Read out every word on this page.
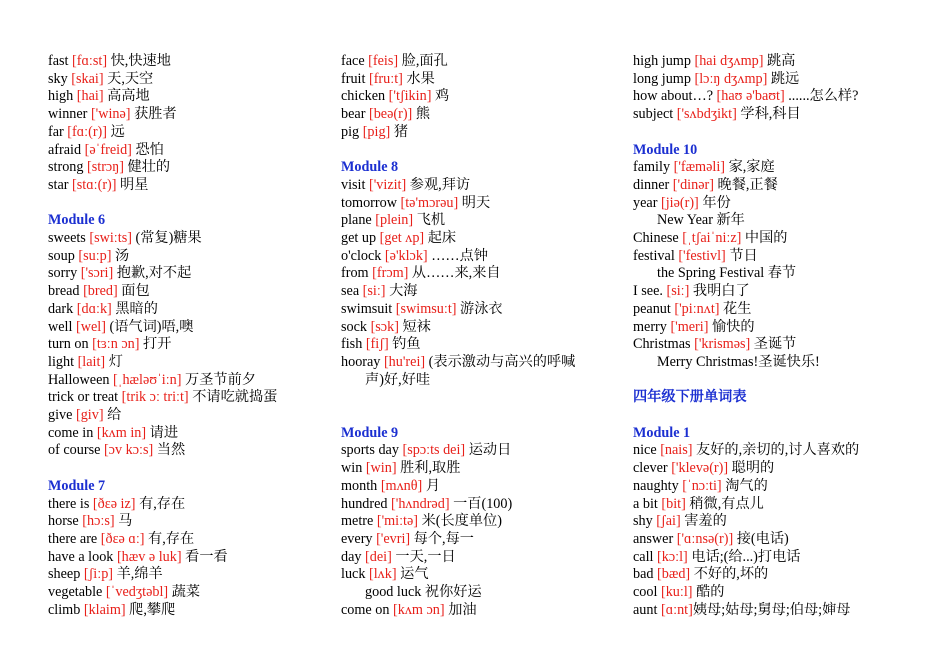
fast [fɑːst] 快,快速地
sky [skai] 天,天空
high [hai] 高高地
winner ['winə] 获胜者
far [fɑː(r)] 远
afraid [əˈfreid] 恐怕
strong [strɔŋ] 健壮的
star [stɑː(r)] 明星
Module 6
sweets [swiːts] (常复)糖果
soup [suːp] 汤
sorry ['sɔri] 抱歉,对不起
bread [bred] 面包
dark [dɑːk] 黑暗的
well [wel] (语气词)唔,噢
turn on [tɜːn ɔn] 打开
light [lait] 灯
Halloween [ˌhæləʊˈiːn] 万圣节前夕
trick or treat [trik ɔː triːt] 不请吃就捣蛋
give [giv] 给
come in [kʌm in] 请进
of course [ɔv kɔːs] 当然
Module 7
there is [ðɛə iz] 有,存在
horse [hɔːs] 马
there are [ðɛə ɑː] 有,存在
have a look [hæv ə luk] 看一看
sheep [ʃiːp] 羊,绵羊
vegetable [ˈvedʒtəbl] 蔬菜
climb [klaim] 爬,攀爬
face [feis] 脸,面孔
fruit [fruːt] 水果
chicken ['tʃikin] 鸡
bear [beə(r)] 熊
pig [pig] 猪
Module 8
visit ['vizit] 参观,拜访
tomorrow [tə'mɔrəu] 明天
plane [plein] 飞机
get up [get ʌp] 起床
o'clock [ə'klɔk] ……点钟
from [frɔm] 从……来,来自
sea [siː] 大海
swimsuit [swimsuːt] 游泳衣
sock [sɔk] 短袜
fish [fiʃ] 钓鱼
hooray [hu'rei] (表示激动与高兴的呼喊
声)好,好哇
Module 9
sports day [spɔːts dei] 运动日
win [win] 胜利,取胜
month [mʌnθ] 月
hundred ['hʌndrəd] 一百(100)
metre ['miːtə] 米(长度单位)
every ['evri] 每个,每一
day [dei] 一天,一日
luck [lʌk] 运气
good luck 祝你好运
come on [kʌm ɔn] 加油
high jump [hai dʒʌmp] 跳高
long jump [lɔːŋ dʒʌmp] 跳远
how about…? [haʊ ə'baʊt] ......怎么样?
subject ['sʌbdʒikt] 学科,科目
Module 10
family ['fæməli] 家,家庭
dinner ['dinər] 晚餐,正餐
year [jiə(r)] 年份
New Year 新年
Chinese [ˌtʃaiˈniːz] 中国的
festival ['festivl] 节日
the Spring Festival 春节
I see. [siː] 我明白了
peanut ['piːnʌt] 花生
merry ['meri] 愉快的
Christmas ['krisməs] 圣诞节
Merry Christmas!圣诞快乐!
四年级下册单词表
Module 1
nice [nais] 友好的,亲切的,讨人喜欢的
clever ['klevə(r)] 聪明的
naughty [ˈnɔːti] 淘气的
a bit [bit] 稍微,有点儿
shy [ʃai] 害羞的
answer ['ɑːnsə(r)] 接(电话)
call [kɔːl] 电话;(给...)打电话
bad [bæd] 不好的,坏的
cool [kuːl] 酷的
aunt [ɑːnt]姨母;姑母;舅母;伯母;婶母
